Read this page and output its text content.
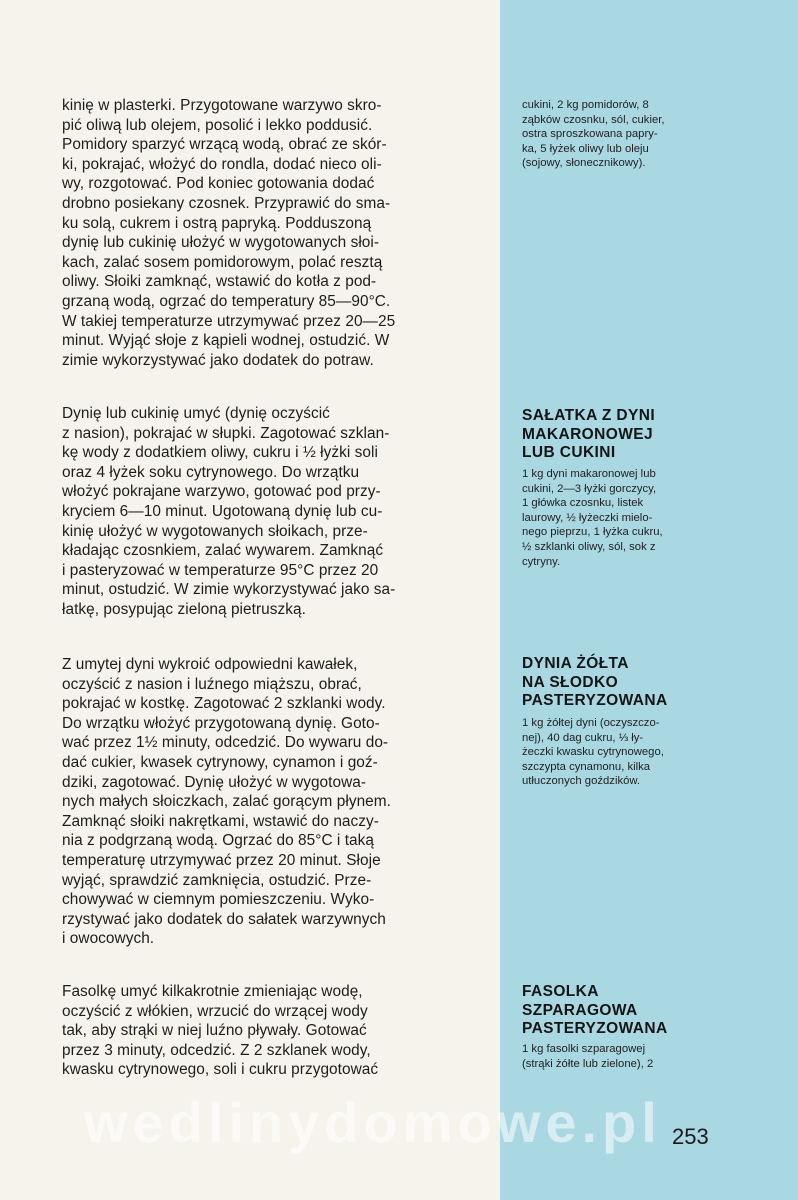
kinię w plasterki. Przygotowane warzywo skro-
pić oliwą lub olejem, posolić i lekko poddusić.
Pomidory sparzyć wrzącą wodą, obrać ze skór-
ki, pokrajać, włożyć do rondla, dodać nieco oli-
wy, rozgotować. Pod koniec gotowania dodać
drobno posiekany czosnek. Przyprawić do sma-
ku solą, cukrem i ostrą papryką. Podduszoną
dynię lub cukinię ułożyć w wygotowanych słoi-
kach, zalać sosem pomidorowym, polać resztą
oliwy. Słoiki zamknąć, wstawić do kotła z pod-
grzaną wodą, ogrzać do temperatury 85—90°C.
W takiej temperaturze utrzymywać przez 20—25
minut. Wyjąć słoje z kąpieli wodnej, ostudzić. W
zimie wykorzystywać jako dodatek do potraw.
Dynię lub cukinię umyć (dynię oczyścić
z nasion), pokrajać w słupki. Zagotować szklan-
kę wody z dodatkiem oliwy, cukru i ½ łyżki soli
oraz 4 łyżek soku cytrynowego. Do wrzątku
włożyć pokrajane warzywo, gotować pod przy-
kryciem 6—10 minut. Ugotowaną dynię lub cu-
kinię ułożyć w wygotowanych słoikach, prze-
kładając czosnkiem, zalać wywarem. Zamknąć
i pasteryzować w temperaturze 95°C przez 20
minut, ostudzić. W zimie wykorzystywać jako sa-
łatkę, posypując zieloną pietruszką.
Z umytej dyni wykroić odpowiedni kawałek,
oczyścić z nasion i luźnego miąższu, obrać,
pokrajać w kostkę. Zagotować 2 szklanki wody.
Do wrzątku włożyć przygotowaną dynię. Goto-
wać przez 1½ minuty, odcedzić. Do wywaru do-
dać cukier, kwasek cytrynowy, cynamon i goź-
dziki, zagotować. Dynię ułożyć w wygotowa-
nych małych słoiczkach, zalać gorącym płynem.
Zamknąć słoiki nakrętkami, wstawić do naczy-
nia z podgrzaną wodą. Ogrzać do 85°C i taką
temperaturę utrzymywać przez 20 minut. Słoje
wyjąć, sprawdzić zamknięcia, ostudzić. Prze-
chowywać w ciemnym pomieszczeniu. Wyko-
rzystywać jako dodatek do sałatek warzywnych
i owocowych.
Fasolkę umyć kilkakrotnie zmieniając wodę,
oczyścić z włókien, wrzucić do wrzącej wody
tak, aby strąki w niej luźno pływały. Gotować
przez 3 minuty, odcedzić. Z 2 szklanek wody,
kwasku cytrynowego, soli i cukru przygotować
cukini, 2 kg pomidorów, 8
ząbków czosnku, sól, cukier,
ostra sproszkowana papry-
ka, 5 łyżek oliwy lub oleju
(sojowy, słonecznikowy).
SAŁATKA Z DYNI
MAKARONOWEJ
LUB CUKINI
1 kg dyni makaronowej lub
cukini, 2—3 łyżki gorczycy,
1 główka czosnku, listek
laurowy, ½ łyżeczki mielo-
nego pieprzu, 1 łyżka cukru,
½ szklanki oliwy, sól, sok z
cytryny.
DYNIA ŻÓŁTA
NA SŁODKO
PASTERYZOWANA
1 kg żółtej dyni (oczyszczo-
nej), 40 dag cukru, ⅓ ły-
żeczki kwasku cytrynowego,
szczypta cynamonu, kilka
utłuczonych goździków.
FASOLKA
SZPARAGOWA
PASTERYZOWANA
1 kg fasolki szparagowej
(strąki żółte lub zielone), 2
wedlinydomowe.pl 253
